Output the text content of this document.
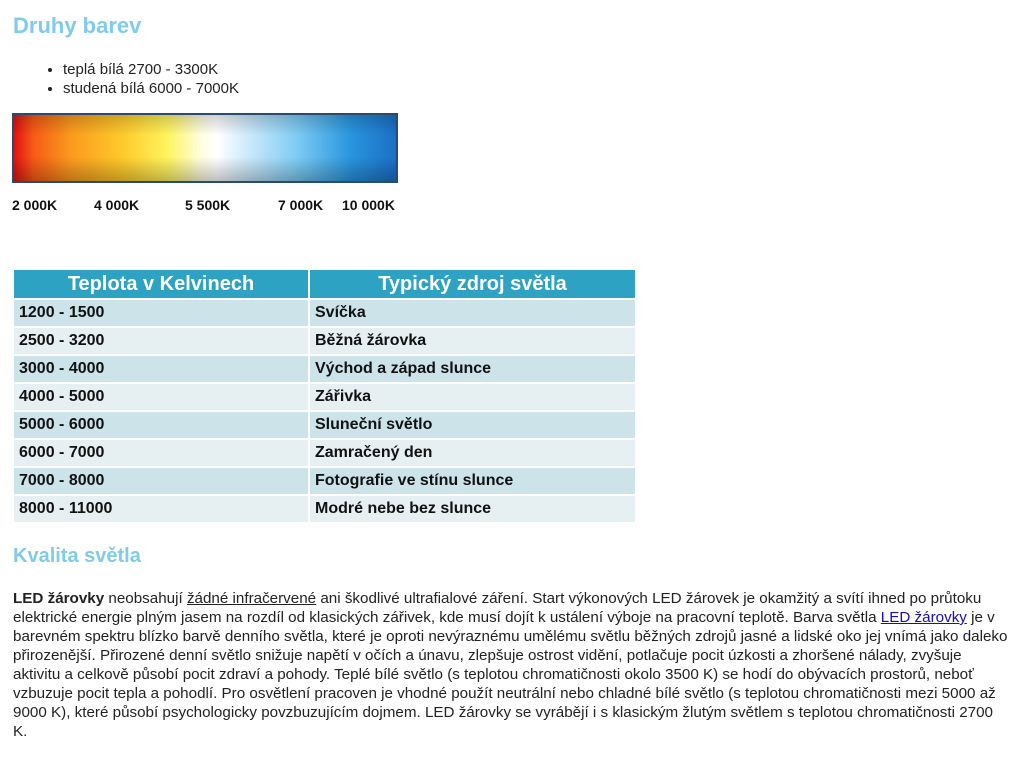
Druhy barev
• teplá bílá 2700 - 3300K
• studená bílá 6000 - 7000K
2 000K	4 000K	5 500K	7 000K 10 000K
Teplota v Kelvinech	Typický zdroj světla
1200 - 1500	Svíčka
2500 - 3200	Běžná žárovka
3000 - 4000	Východ a západ slunce
4000 - 5000	Zářivka
5000 - 6000	Sluneční světlo
6000 - 7000	Zamračený den
7000 - 8000	Fotografie ve stínu slunce
8000 - 11000	Modré nebe bez slunce
Kvalita světla

LED žárovky neobsahují žádné infračervené ani škodlivé ultrafialové záření. Start výkonových LED žárovek je okamžitý a svítí ihned po průtoku elektrické energie plným jasem na rozdíl od klasických zářivek, kde musí dojít k ustálení výboje na pracovní teplotě. Barva světla LED žárovky je v barevném spektru blízko barvě denního světla, které je oproti nevýraznému umělému světlu běžných zdrojů jasné a lidské oko jej vnímá jako daleko přirozenější. Přirozené denní světlo snižuje napětí v očích a únavu, zlepšuje ostrost vidění, potlačuje pocit úzkosti a zhoršené nálady, zvyšuje aktivitu a celkově působí pocit zdraví a pohody. Teplé bílé světlo (s teplotou chromatičnosti okolo 3500 K) se hodí do obývacích prostorů, neboť vzbuzuje pocit tepla a pohodlí. Pro osvětlení pracoven je vhodné použít neutrální nebo chladné bílé světlo (s teplotou chromatičnosti mezi 5000 až 9000 K), které působí psychologicky povzbuzujícím dojmem. LED žárovky se vyrábějí i s klasickým žlutým světlem s teplotou chromatičnosti 2700 K.
